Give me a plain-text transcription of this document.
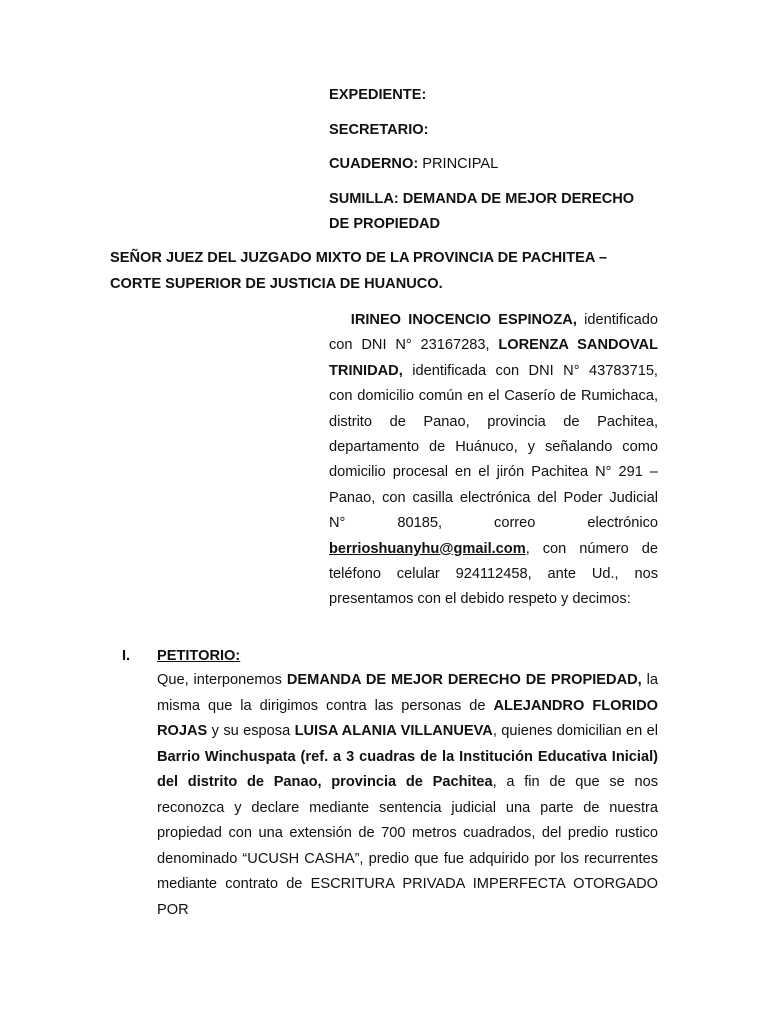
EXPEDIENTE:
SECRETARIO:
CUADERNO: PRINCIPAL
SUMILLA: DEMANDA DE MEJOR DERECHO
DE PROPIEDAD
SEÑOR JUEZ DEL JUZGADO MIXTO DE LA PROVINCIA DE PACHITEA –
CORTE SUPERIOR DE JUSTICIA DE HUANUCO.
IRINEO INOCENCIO ESPINOZA, identificado con DNI N° 23167283, LORENZA SANDOVAL TRINIDAD, identificada con DNI N° 43783715, con domicilio común en el Caserío de Rumichaca, distrito de Panao, provincia de Pachitea, departamento de Huánuco, y señalando como domicilio procesal en el jirón Pachitea N° 291 – Panao, con casilla electrónica del Poder Judicial N° 80185, correo electrónico berrioshuanyhu@gmail.com, con número de teléfono celular 924112458, ante Ud., nos presentamos con el debido respeto y decimos:
I. PETITORIO:
Que, interponemos DEMANDA DE MEJOR DERECHO DE PROPIEDAD, la misma que la dirigimos contra las personas de ALEJANDRO FLORIDO ROJAS y su esposa LUISA ALANIA VILLANUEVA, quienes domicilian en el Barrio Winchuspata (ref. a 3 cuadras de la Institución Educativa Inicial) del distrito de Panao, provincia de Pachitea, a fin de que se nos reconozca y declare mediante sentencia judicial una parte de nuestra propiedad con una extensión de 700 metros cuadrados, del predio rustico denominado “UCUSH CASHA”, predio que fue adquirido por los recurrentes mediante contrato de ESCRITURA PRIVADA IMPERFECTA OTORGADO POR
